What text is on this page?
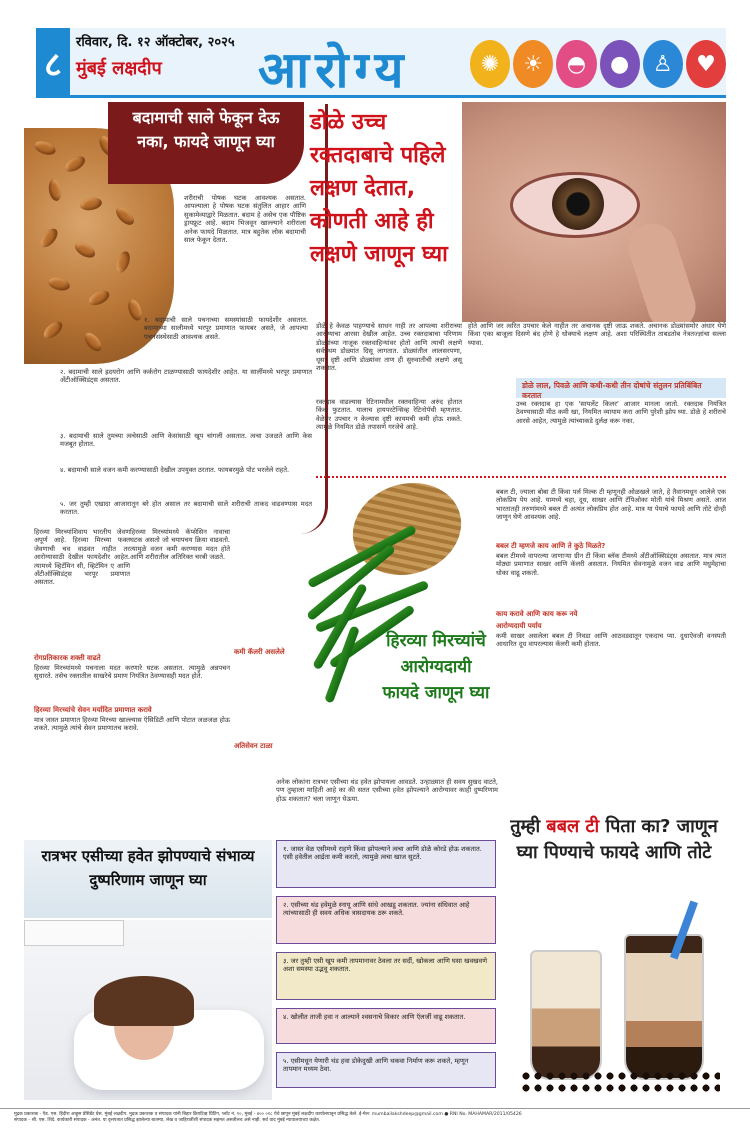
८
रविवार, दि. १२ ऑक्टोबर, २०२५
मुंबई लक्षदीप आरोग्य	✺	☀	◓	●	♙	♥
बदामाची साले फेकून देऊ नका, फायदे जाणून घ्या

शरीराची पोषक घटक आवश्यक असतात. आपल्याला हे पोषक घटक संतुलित आहार आणि सुकामेव्याद्वारे मिळतात. बदाम हे असेच एक पौष्टिक ड्रायफ्रूट आहे. बदाम भिजवून खाल्ल्याने शरीराला अनेक फायदे मिळतात. मात्र बहुतेक लोक बदामाची साल फेकून देतात.

१. बदामाची साले पचनाच्या समस्यांसाठी फायदेशीर असतात. बदामाच्या सालीमध्ये भरपूर प्रमाणात फायबर असते, जे आपल्या पचनसंस्थेसाठी आवश्यक असते.

२. बदामाची साले ह्रदयरोग आणि कर्करोग टाळण्यासाठी फायदेशीर आहेत. या सालींमध्ये भरपूर प्रमाणात अँटीऑक्सिडंट्स असतात.

३. बदामाची साले तुमच्या त्वचेसाठी आणि केसांसाठी खूप चांगली असतात. त्वचा उजळते आणि केस मजबूत होतात.

४. बदामाची साले वजन कमी करण्यासाठी देखील उपयुक्त ठरतात. फायबरमुळे पोट भरलेले राहते.

५. जर तुम्ही एखादा आजारातून बरे होत असाल तर बदामाची साले शरीराची ताकद वाढवण्यास मदत करतात.

डोळे उच्च रक्तदाबाचे पहिले लक्षण देतात, कोणती आहे ही लक्षणे जाणून घ्या

डोळे हे केवळ पाहण्याचे साधन नाही तर आपल्या शरीराच्या आरोग्याचा आरसा देखील आहेत. उच्च रक्तदाबाचा परिणाम डोळ्यांच्या नाजूक रक्तवाहिन्यांवर होतो आणि त्याची लक्षणे सर्वप्रथम डोळ्यांत दिसू लागतात. डोळ्यांतील लालसरपणा, धूसर दृष्टी आणि डोळ्यांवर ताण ही सुरुवातीची लक्षणे असू शकतात.

रक्तदाब वाढल्यास रेटिनामधील रक्तवाहिन्या अरुंद होतात किंवा फुटतात. यालाच हायपरटेन्सिव्ह रेटिनोपॅथी म्हणतात. वेळेवर उपचार न केल्यास दृष्टी कायमची कमी होऊ शकते. त्यामुळे नियमित डोळे तपासणे गरजेचे आहे.

होते आणि जर त्वरित उपचार केले नाहीत तर अचानक दृष्टी जाऊ शकते. अचानक डोळ्यांसमोर अंधार येणे किंवा एका बाजूला दिसणे बंद होणे हे धोक्याचे लक्षण आहे. अशा परिस्थितीत ताबडतोब नेत्रतज्ज्ञांचा सल्ला घ्यावा.

डोळे लाल, पिवळे आणि कधी-कधी तीन दोषांचे संतुलन प्रतिबिंबित करतात

उच्च रक्तदाब हा एक 'सायलेंट किलर' आजार मानला जातो. रक्तदाब नियंत्रित ठेवण्यासाठी मीठ कमी खा, नियमित व्यायाम करा आणि पुरेशी झोप घ्या. डोळे हे शरीराचे आरसे आहेत, त्यामुळे त्यांच्याकडे दुर्लक्ष करू नका.

हिरव्या मिरच्यांचे आरोग्यदायी फायदे जाणून घ्या

हिरव्या मिरच्यांशिवाय भारतीय जेवण अपूर्ण आहे. हिरव्या मिरच्या फक्त जेवणाची चव वाढवत नाहीत तर आरोग्यासाठी देखील फायदेशीर आहेत. त्यामध्ये व्हिटॅमिन सी, व्हिटॅमिन ए आणि अँटीऑक्सिडंट्स भरपूर प्रमाणात असतात.

हिरव्या मिरच्यांमध्ये कॅप्सेसिन नावाचा घटक असतो जो चयापचय क्रिया वाढवतो. त्यामुळे वजन कमी करण्यास मदत होते आणि शरीरातील अतिरिक्त चरबी जळते.

रोगप्रतिकारक शक्ती वाढते

हिरव्या मिरच्यांमध्ये पचनाला मदत करणारे घटक असतात. त्यामुळे अन्नपचन सुधारते. तसेच रक्तातील साखरेचे प्रमाण नियंत्रित ठेवण्यासही मदत होते.

हिरव्या मिरच्यांचे सेवन मर्यादित प्रमाणात करावे

मात्र जास्त प्रमाणात हिरव्या मिरच्या खाल्ल्यास ऍसिडिटी आणि पोटात जळजळ होऊ शकते. त्यामुळे त्यांचे सेवन प्रमाणातच करावे.

कमी कॅलरी असलेले
अतिसेवन टाळा

बबल टी, ज्याला बोबा टी किंवा पर्ल मिल्क टी म्हणूनही ओळखले जाते, हे तैवानमधून आलेले एक लोकप्रिय पेय आहे. यामध्ये चहा, दूध, साखर आणि टॅपिओका मोती यांचे मिश्रण असते. आज भारतातही तरुणांमध्ये बबल टी अत्यंत लोकप्रिय होत आहे. मात्र या पेयाचे फायदे आणि तोटे दोन्ही जाणून घेणे आवश्यक आहे.

बबल टी म्हणजे काय आणि ते कुठे मिळते?

बबल टीमध्ये वापरल्या जाणाऱ्या ग्रीन टी किंवा ब्लॅक टीमध्ये अँटीऑक्सिडंट्स असतात. मात्र त्यात मोठ्या प्रमाणात साखर आणि कॅलरी असतात. नियमित सेवनामुळे वजन वाढ आणि मधुमेहाचा धोका वाढू शकतो.

काय करावे आणि काय करू नये
आरोग्यदायी पर्याय

कमी साखर असलेला बबल टी निवडा आणि आठवड्यातून एकदाच प्या. दुधाऐवजी वनस्पती आधारित दूध वापरल्यास कॅलरी कमी होतात.

तुम्ही बबल टी पिता का? जाणून घ्या पिण्याचे फायदे आणि तोटे

अनेक लोकांना रात्रभर एसीच्या थंड हवेत झोपायला आवडते. उन्हाळ्यात ही सवय सुखद वाटते, पण तुम्हाला माहिती आहे का की सतत एसीच्या हवेत झोपल्याने आरोग्यावर काही दुष्परिणाम होऊ शकतात? चला जाणून घेऊया.

रात्रभर एसीच्या हवेत झोपण्याचे संभाव्य दुष्परिणाम जाणून घ्या
१. जास्त वेळ एसीमध्ये राहणे किंवा झोपल्याने त्वचा आणि डोळे कोरडे होऊ शकतात. एसी हवेतील आर्द्रता कमी करतो, त्यामुळे त्वचा खाज सुटते.
२. एसीच्या थंड हवेमुळे स्नायू आणि सांधे आखडू शकतात. ज्यांना संधिवात आहे त्यांच्यासाठी ही सवय अधिक त्रासदायक ठरू शकते.
३. जर तुम्ही एसी खूप कमी तापमानावर ठेवला तर सर्दी, खोकला आणि घसा खवखवणे अशा समस्या उद्भवू शकतात.
४. खोलीत ताजी हवा न आल्याने श्वसनाचे विकार आणि ऍलर्जी वाढू शकतात.
५. एसीमधून येणारी थंड हवा डोकेदुखी आणि थकवा निर्माण करू शकते, म्हणून तापमान मध्यम ठेवा.
मुद्रक प्रकाशक - ऍड. एस. हिंदीरा आहूस प्रेसिडेंट प्रेस. मुंबई लक्षदीप. मुद्रक प्रकाशक व संपादक यांनी बिहार क्रिएटिव्ह प्रिंटिंग, प्लॉट नं. १०, मुंबई - ४०० ०१८ येथे छापून मुंबई लक्षदीप कार्यालयातून प्रसिद्ध केले. ई-मेल: mumbailakshdeep@gmail.com ● RNI No. MAHAMAR/2011/05426
संपादक - श्री. एस. शिंदे. कार्यकारी संपादक - अनंत. या वृत्तपत्रात प्रसिद्ध झालेल्या बातम्या, लेख व जाहिरातींशी संपादक सहमत असतीलच असे नाही. सर्व वाद मुंबई न्यायालयाच्या कक्षेत.
